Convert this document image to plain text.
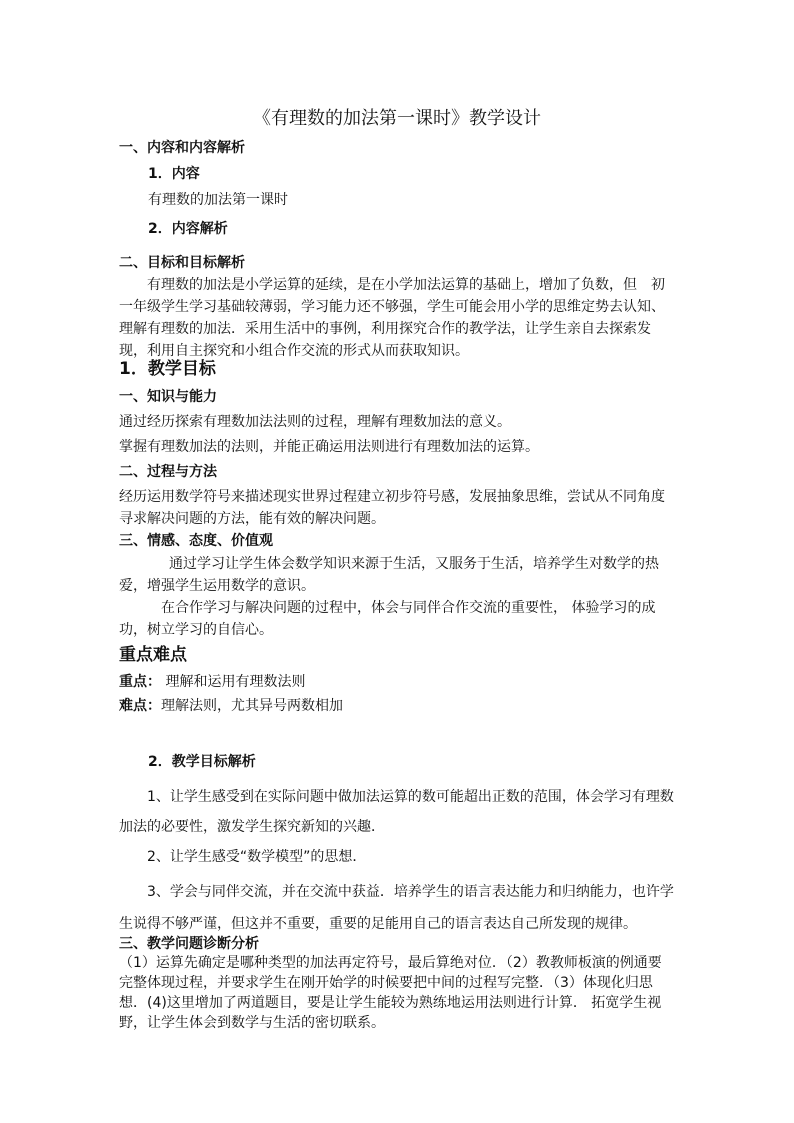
《有理数的加法第一课时》教学设计
一、内容和内容解析
1．内容
有理数的加法第一课时
2．内容解析
二、目标和目标解析
有理数的加法是小学运算的延续，是在小学加法运算的基础上，增加了负数，但　初一年级学生学习基础较薄弱，学习能力还不够强，学生可能会用小学的思维定势去认知、理解有理数的加法．采用生活中的事例，利用探究合作的教学法，让学生亲自去探索发现，利用自主探究和小组合作交流的形式从而获取知识。
1．教学目标
一、知识与能力
通过经历探索有理数加法法则的过程，理解有理数加法的意义。
掌握有理数加法的法则，并能正确运用法则进行有理数加法的运算。
二、过程与方法
经历运用数学符号来描述现实世界过程建立初步符号感，发展抽象思维，尝试从不同角度寻求解决问题的方法，能有效的解决问题。
三、情感、态度、价值观
通过学习让学生体会数学知识来源于生活，又服务于生活，培养学生对数学的热爱，增强学生运用数学的意识。
在合作学习与解决问题的过程中，体会与同伴合作交流的重要性， 体验学习的成功，树立学习的自信心。
重点难点
重点： 理解和运用有理数法则
难点：理解法则，尤其异号两数相加
2．教学目标解析
1、让学生感受到在实际问题中做加法运算的数可能超出正数的范围，体会学习有理数加法的必要性，激发学生探究新知的兴趣．
2、让学生感受“数学模型”的思想．
3、学会与同伴交流，并在交流中获益．培养学生的语言表达能力和归纳能力，也许学生说得不够严谨，但这并不重要，重要的足能用自己的语言表达自己所发现的规律。
三、教学问题诊断分析
（1）运算先确定是哪种类型的加法再定符号，最后算绝对位．（2）教教师板演的例通要完整体现过程，并要求学生在刚开始学的时候要把中间的过程写完整．（3）体现化归思想．(4)这里增加了两道题目，要是让学生能较为熟练地运用法则进行计算． 拓宽学生视野，让学生体会到数学与生活的密切联系。
